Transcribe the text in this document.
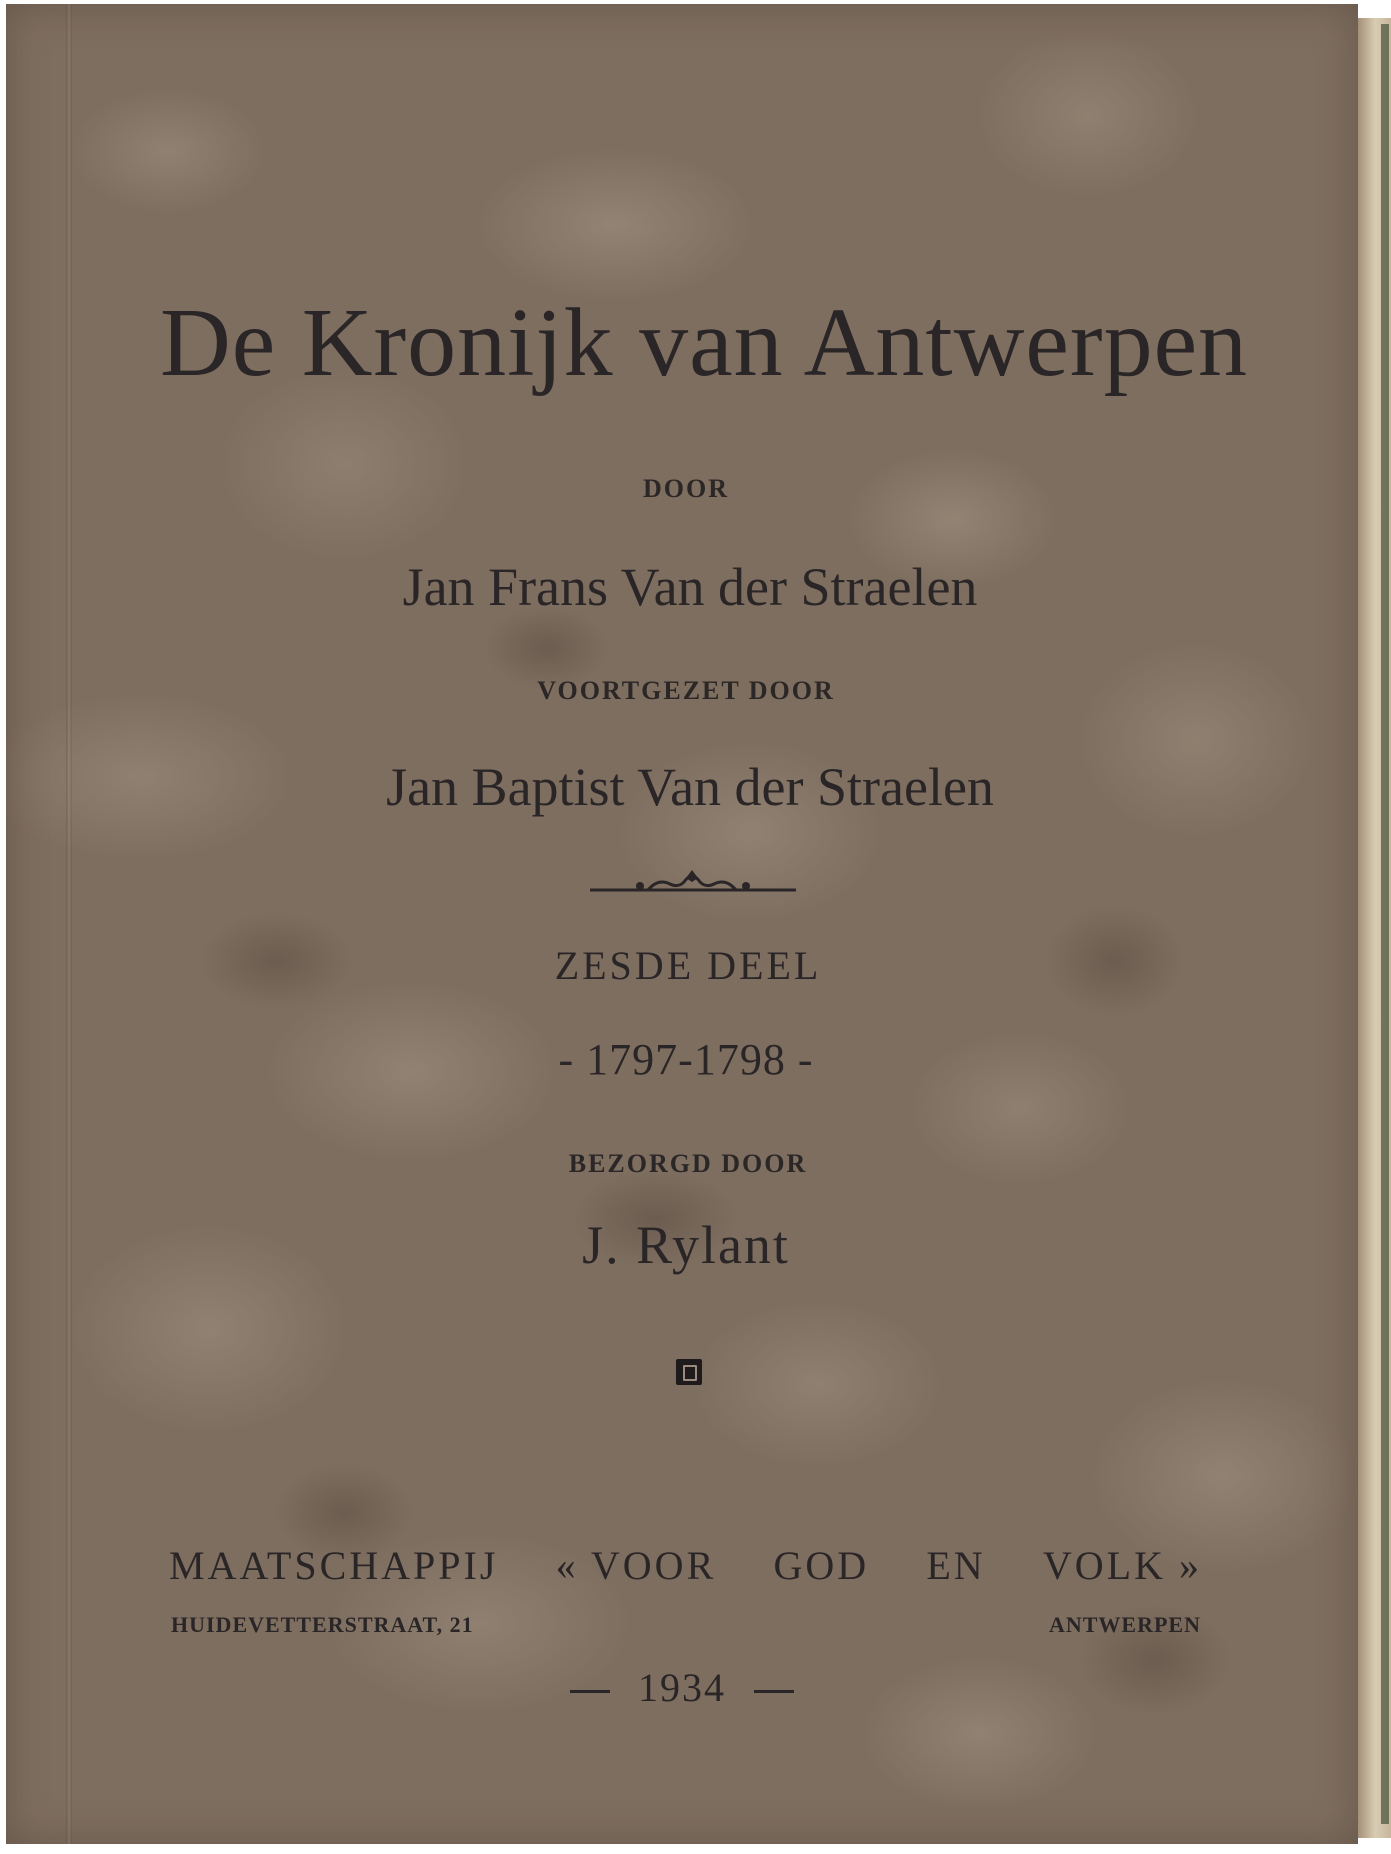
De Kronijk van Antwerpen
DOOR
Jan Frans Van der Straelen
VOORTGEZET DOOR
Jan Baptist Van der Straelen
ZESDE DEEL
- 1797-1798 -
BEZORGD DOOR
J. Rylant
MAATSCHAPPIJ « VOOR GOD EN VOLK »
HUIDEVETTERSTRAAT, 21	ANTWERPEN
1934
